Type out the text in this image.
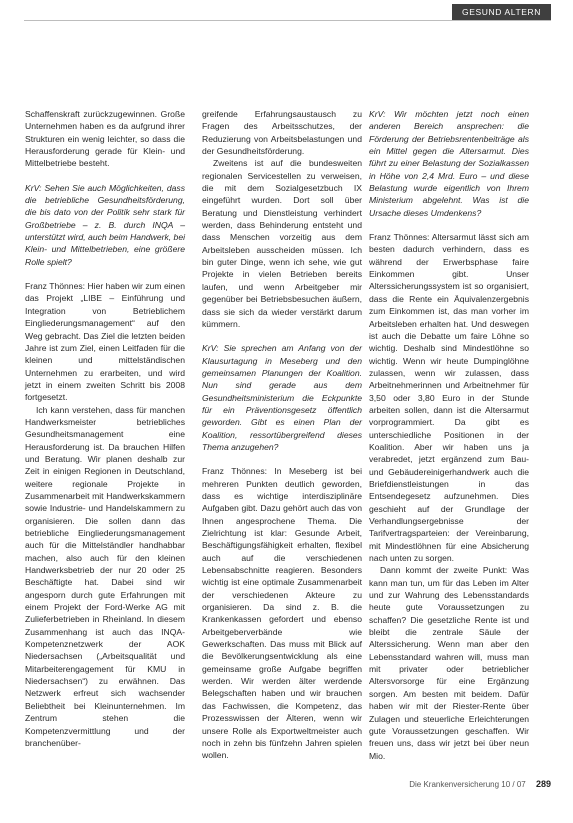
GESUND ALTERN

Schaffenskraft zurückzugewinnen. Große Unternehmen haben es da aufgrund ihrer Strukturen ein wenig leichter, so dass die Herausforderung gerade für Klein- und Mittelbetriebe besteht.

KrV: Sehen Sie auch Möglichkeiten, dass die betriebliche Gesundheitsförderung, die bis dato von der Politik sehr stark für Großbetriebe – z. B. durch INQA – unterstützt wird, auch beim Handwerk, bei Klein- und Mittelbetrieben, eine größere Rolle spielt?

Franz Thönnes: Hier haben wir zum einen das Projekt „LIBE – Einführung und Integration von Betrieblichem Eingliederungsmanagement“ auf den Weg gebracht. Das Ziel die letzten beiden Jahre ist zum Ziel, einen Leitfaden für die kleinen und mittelständischen Unternehmen zu erarbeiten, und wird jetzt in einem zweiten Schritt bis 2008 fortgesetzt.

Ich kann verstehen, dass für manchen Handwerksmeister betriebliches Gesundheitsmanagement eine Herausforderung ist. Da brauchen Hilfen und Beratung. Wir planen deshalb zur Zeit in einigen Regionen in Deutschland, weitere regionale Projekte in Zusammenarbeit mit Handwerkskammern sowie Industrie- und Handelskammern zu organisieren. Die sollen dann das betriebliche Eingliederungsmanagement auch für die Mittelständler handhabbar machen, also auch für den kleinen Handwerksbetrieb der nur 20 oder 25 Beschäftigte hat. Dabei sind wir angesporn durch gute Erfahrungen mit einem Projekt der Ford-Werke AG mit Zulieferbetrieben in Rheinland. In diesem Zusammenhang ist auch das INQA-Kompetenznetzwerk der AOK Niedersachsen („Arbeitsqualität und Mitarbeiterengagement für KMU in Niedersachsen“) zu erwähnen. Das Netzwerk erfreut sich wachsender Beliebtheit bei Kleinunternehmen. Im Zentrum stehen die Kompetenzvermittlung und der branchenüber-

greifende Erfahrungsaustausch zu Fragen des Arbeitsschutzes, der Reduzierung von Arbeitsbelastungen und der Gesundheitsförderung.

Zweitens ist auf die bundesweiten regionalen Servicestellen zu verweisen, die mit dem Sozialgesetzbuch IX eingeführt wurden. Dort soll über Beratung und Dienstleistung verhindert werden, dass Behinderung entsteht und dass Menschen vorzeitig aus dem Arbeitsleben ausscheiden müssen. Ich bin guter Dinge, wenn ich sehe, wie gut Projekte in vielen Betrieben bereits laufen, und wenn Arbeitgeber mir gegenüber bei Betriebsbesuchen äußern, dass sie sich da wieder verstärkt darum kümmern.

KrV: Sie sprechen am Anfang von der Klausurtagung in Meseberg und den gemeinsamen Planungen der Koalition. Nun sind gerade aus dem Gesundheitsministerium die Eckpunkte für ein Präventionsgesetz öffentlich geworden. Gibt es einen Plan der Koalition, ressortübergreifend dieses Thema anzugehen?

Franz Thönnes: In Meseberg ist bei mehreren Punkten deutlich geworden, dass es wichtige interdisziplinäre Aufgaben gibt. Dazu gehört auch das von Ihnen angesprochene Thema. Die Zielrichtung ist klar: Gesunde Arbeit, Beschäftigungsfähigkeit erhalten, flexibel auch auf die verschiedenen Lebensabschnitte reagieren. Besonders wichtig ist eine optimale Zusammenarbeit der verschiedenen Akteure zu organisieren. Da sind z. B. die Krankenkassen gefordert und ebenso Arbeitgeberverbände wie Gewerkschaften. Das muss mit Blick auf die Bevölkerungsentwicklung als eine gemeinsame große Aufgabe begriffen werden. Wir werden älter werdende Belegschaften haben und wir brauchen das Fachwissen, die Kompetenz, das Prozesswissen der Älteren, wenn wir unsere Rolle als Exportweltmeister auch noch in zehn bis fünfzehn Jahren spielen wollen.

KrV: Wir möchten jetzt noch einen anderen Bereich ansprechen: die Förderung der Betriebsrentenbeiträge als ein Mittel gegen die Altersarmut. Dies führt zu einer Belastung der Sozialkassen in Höhe von 2,4 Mrd. Euro – und diese Belastung wurde eigentlich von Ihrem Ministerium abgelehnt. Was ist die Ursache dieses Umdenkens?

Franz Thönnes: Altersarmut lässt sich am besten dadurch verhindern, dass es während der Erwerbsphase faire Einkommen gibt. Unser Alterssicherungssystem ist so organisiert, dass die Rente ein Äquivalenzergebnis zum Einkommen ist, das man vorher im Arbeitsleben erhalten hat. Und deswegen ist auch die Debatte um faire Löhne so wichtig. Deshalb sind Mindestlöhne so wichtig. Wenn wir heute Dumpinglöhne zulassen, wenn wir zulassen, dass Arbeitnehmerinnen und Arbeitnehmer für 3,50 oder 3,80 Euro in der Stunde arbeiten sollen, dann ist die Altersarmut vorprogrammiert. Da gibt es unterschiedliche Positionen in der Koalition. Aber wir haben uns ja verabredet, jetzt ergänzend zum Bau- und Gebäudereinigerhandwerk auch die Briefdienstleistungen in das Entsendegesetz aufzunehmen. Dies geschieht auf der Grundlage der Verhandlungsergebnisse der Tarifvertragsparteien: der Vereinbarung, mit Mindestlöhnen für eine Absicherung nach unten zu sorgen.

Dann kommt der zweite Punkt: Was kann man tun, um für das Leben im Alter und zur Wahrung des Lebensstandards heute gute Voraussetzungen zu schaffen? Die gesetzliche Rente ist und bleibt die zentrale Säule der Alterssicherung. Wenn man aber den Lebensstandard wahren will, muss man mit privater oder betrieblicher Altersvorsorge für eine Ergänzung sorgen. Am besten mit beidem. Dafür haben wir mit der Riester-Rente über Zulagen und steuerliche Erleichterungen gute Voraussetzungen geschaffen. Wir freuen uns, dass wir jetzt bei über neun Mio.

Die Krankenversicherung 10 / 07 289
